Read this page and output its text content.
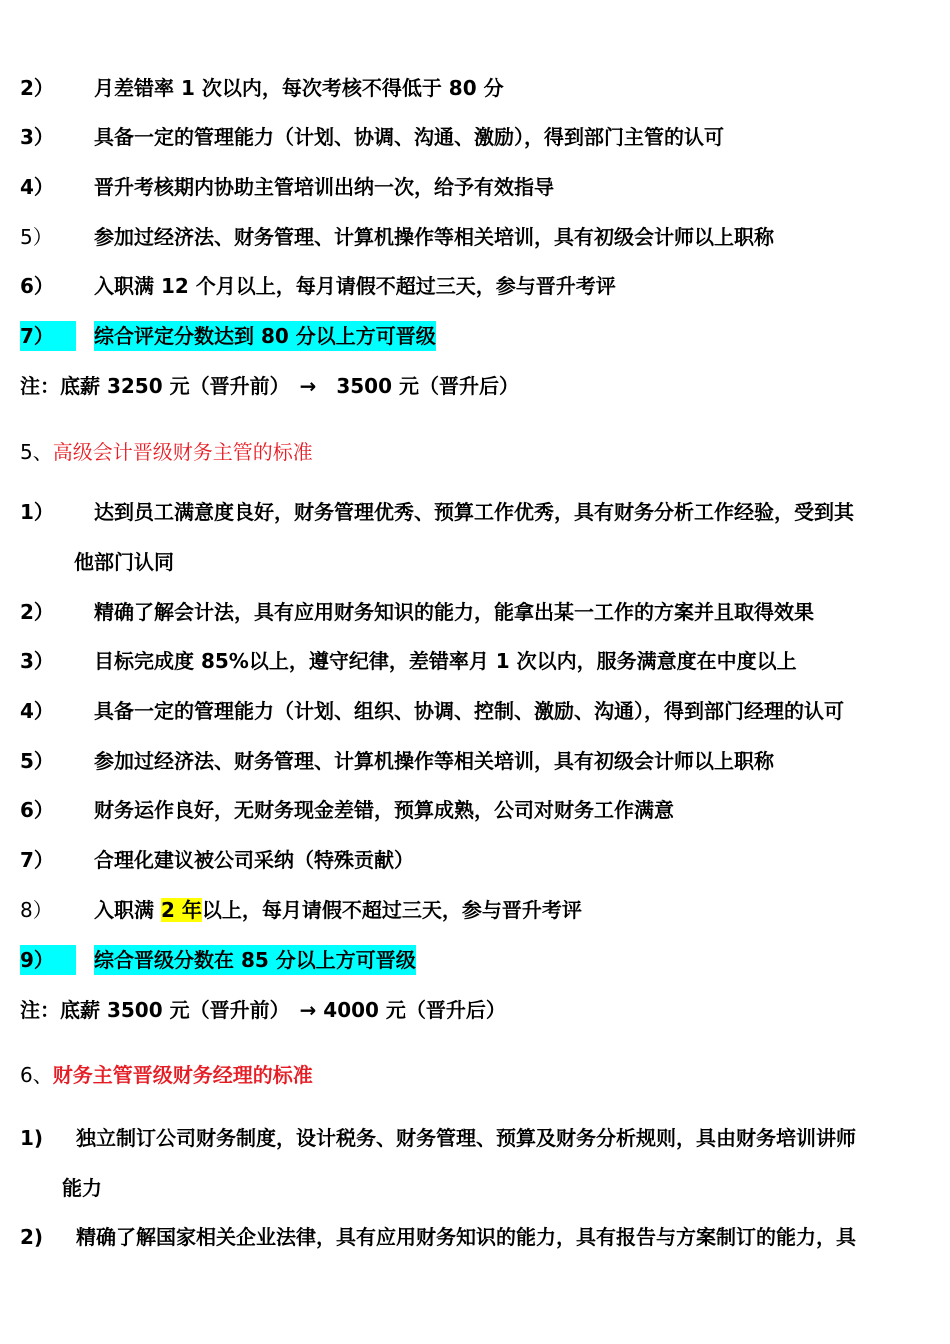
2） 月差错率 1 次以内，每次考核不得低于 80 分
3） 具备一定的管理能力（计划、协调、沟通、激励），得到部门主管的认可
4） 晋升考核期内协助主管培训出纳一次，给予有效指导
5） 参加过经济法、财务管理、计算机操作等相关培训，具有初级会计师以上职称
6） 入职满 12 个月以上，每月请假不超过三天，参与晋升考评
7） 综合评定分数达到 80 分以上方可晋级
注：底薪 3250 元（晋升前）　→　3500 元（晋升后）
5、高级会计晋级财务主管的标准
1） 达到员工满意度良好，财务管理优秀、预算工作优秀，具有财务分析工作经验，受到其
他部门认同
2） 精确了解会计法，具有应用财务知识的能力，能拿出某一工作的方案并且取得效果
3） 目标完成度 85%以上，遵守纪律，差错率月 1 次以内，服务满意度在中度以上
4） 具备一定的管理能力（计划、组织、协调、控制、激励、沟通），得到部门经理的认可
5） 参加过经济法、财务管理、计算机操作等相关培训，具有初级会计师以上职称
6） 财务运作良好，无财务现金差错，预算成熟，公司对财务工作满意
7） 合理化建议被公司采纳（特殊贡献）
8） 入职满 2 年以上，每月请假不超过三天，参与晋升考评
9） 综合晋级分数在 85 分以上方可晋级
注：底薪 3500 元（晋升前）　→ 4000 元（晋升后）
6、财务主管晋级财务经理的标准
1) 独立制订公司财务制度，设计税务、财务管理、预算及财务分析规则，具由财务培训讲师
能力
2) 精确了解国家相关企业法律，具有应用财务知识的能力，具有报告与方案制订的能力，具
